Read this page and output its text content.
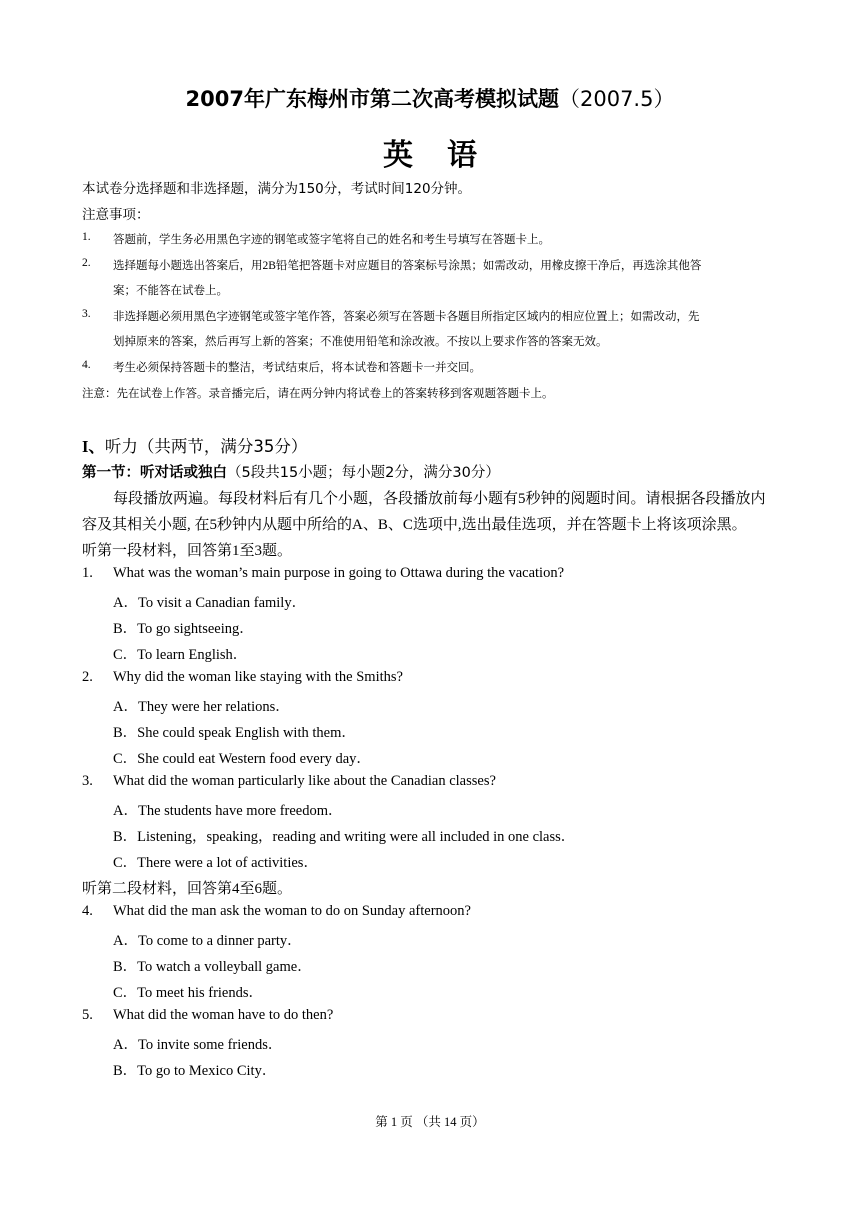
2007年广东梅州市第二次高考模拟试题（2007.5）
英语
本试卷分选择题和非选择题，满分为150分，考试时间120分钟。
注意事项：
1. 答题前，学生务必用黑色字迹的钢笔或签字笔将自己的姓名和考生号填写在答题卡上。
2. 选择题每小题选出答案后，用2B铅笔把答题卡对应题目的答案标号涂黑；如需改动，用橡皮擦干净后，再选涂其他答
案；不能答在试卷上。
3. 非选择题必须用黑色字迹钢笔或签字笔作答，答案必须写在答题卡各题目所指定区域内的相应位置上；如需改动，先
划掉原来的答案，然后再写上新的答案；不准使用铅笔和涂改液。不按以上要求作答的答案无效。
4. 考生必须保持答题卡的整洁，考试结束后，将本试卷和答题卡一并交回。
注意：先在试卷上作答。录音播完后，请在两分钟内将试卷上的答案转移到客观题答题卡上。
I、听力（共两节，满分35分）
第一节：听对话或独白（5段共15小题；每小题2分，满分30分）
每段播放两遍。每段材料后有几个小题，各段播放前每小题有5秒钟的阅题时间。请根据各段播放内
容及其相关小题, 在5秒钟内从题中所给的A、B、C选项中,选出最佳选项，并在答题卡上将该项涂黑。
听第一段材料，回答第1至3题。
1. What was the woman’s main purpose in going to Ottawa during the vacation?
A．To visit a Canadian family．
B．To go sightseeing．
C．To learn English．
2. Why did the woman like staying with the Smiths?
A．They were her relations．
B．She could speak English with them．
C．She could eat Western food every day．
3. What did the woman particularly like about the Canadian classes?
A．The students have more freedom．
B．Listening，speaking，reading and writing were all included in one class．
C．There were a lot of activities．
听第二段材料，回答第4至6题。
4. What did the man ask the woman to do on Sunday afternoon?
A．To come to a dinner party．
B．To watch a volleyball game．
C．To meet his friends．
5. What did the woman have to do then?
A．To invite some friends．
B．To go to Mexico City．
第 1 页 （共 14 页）
